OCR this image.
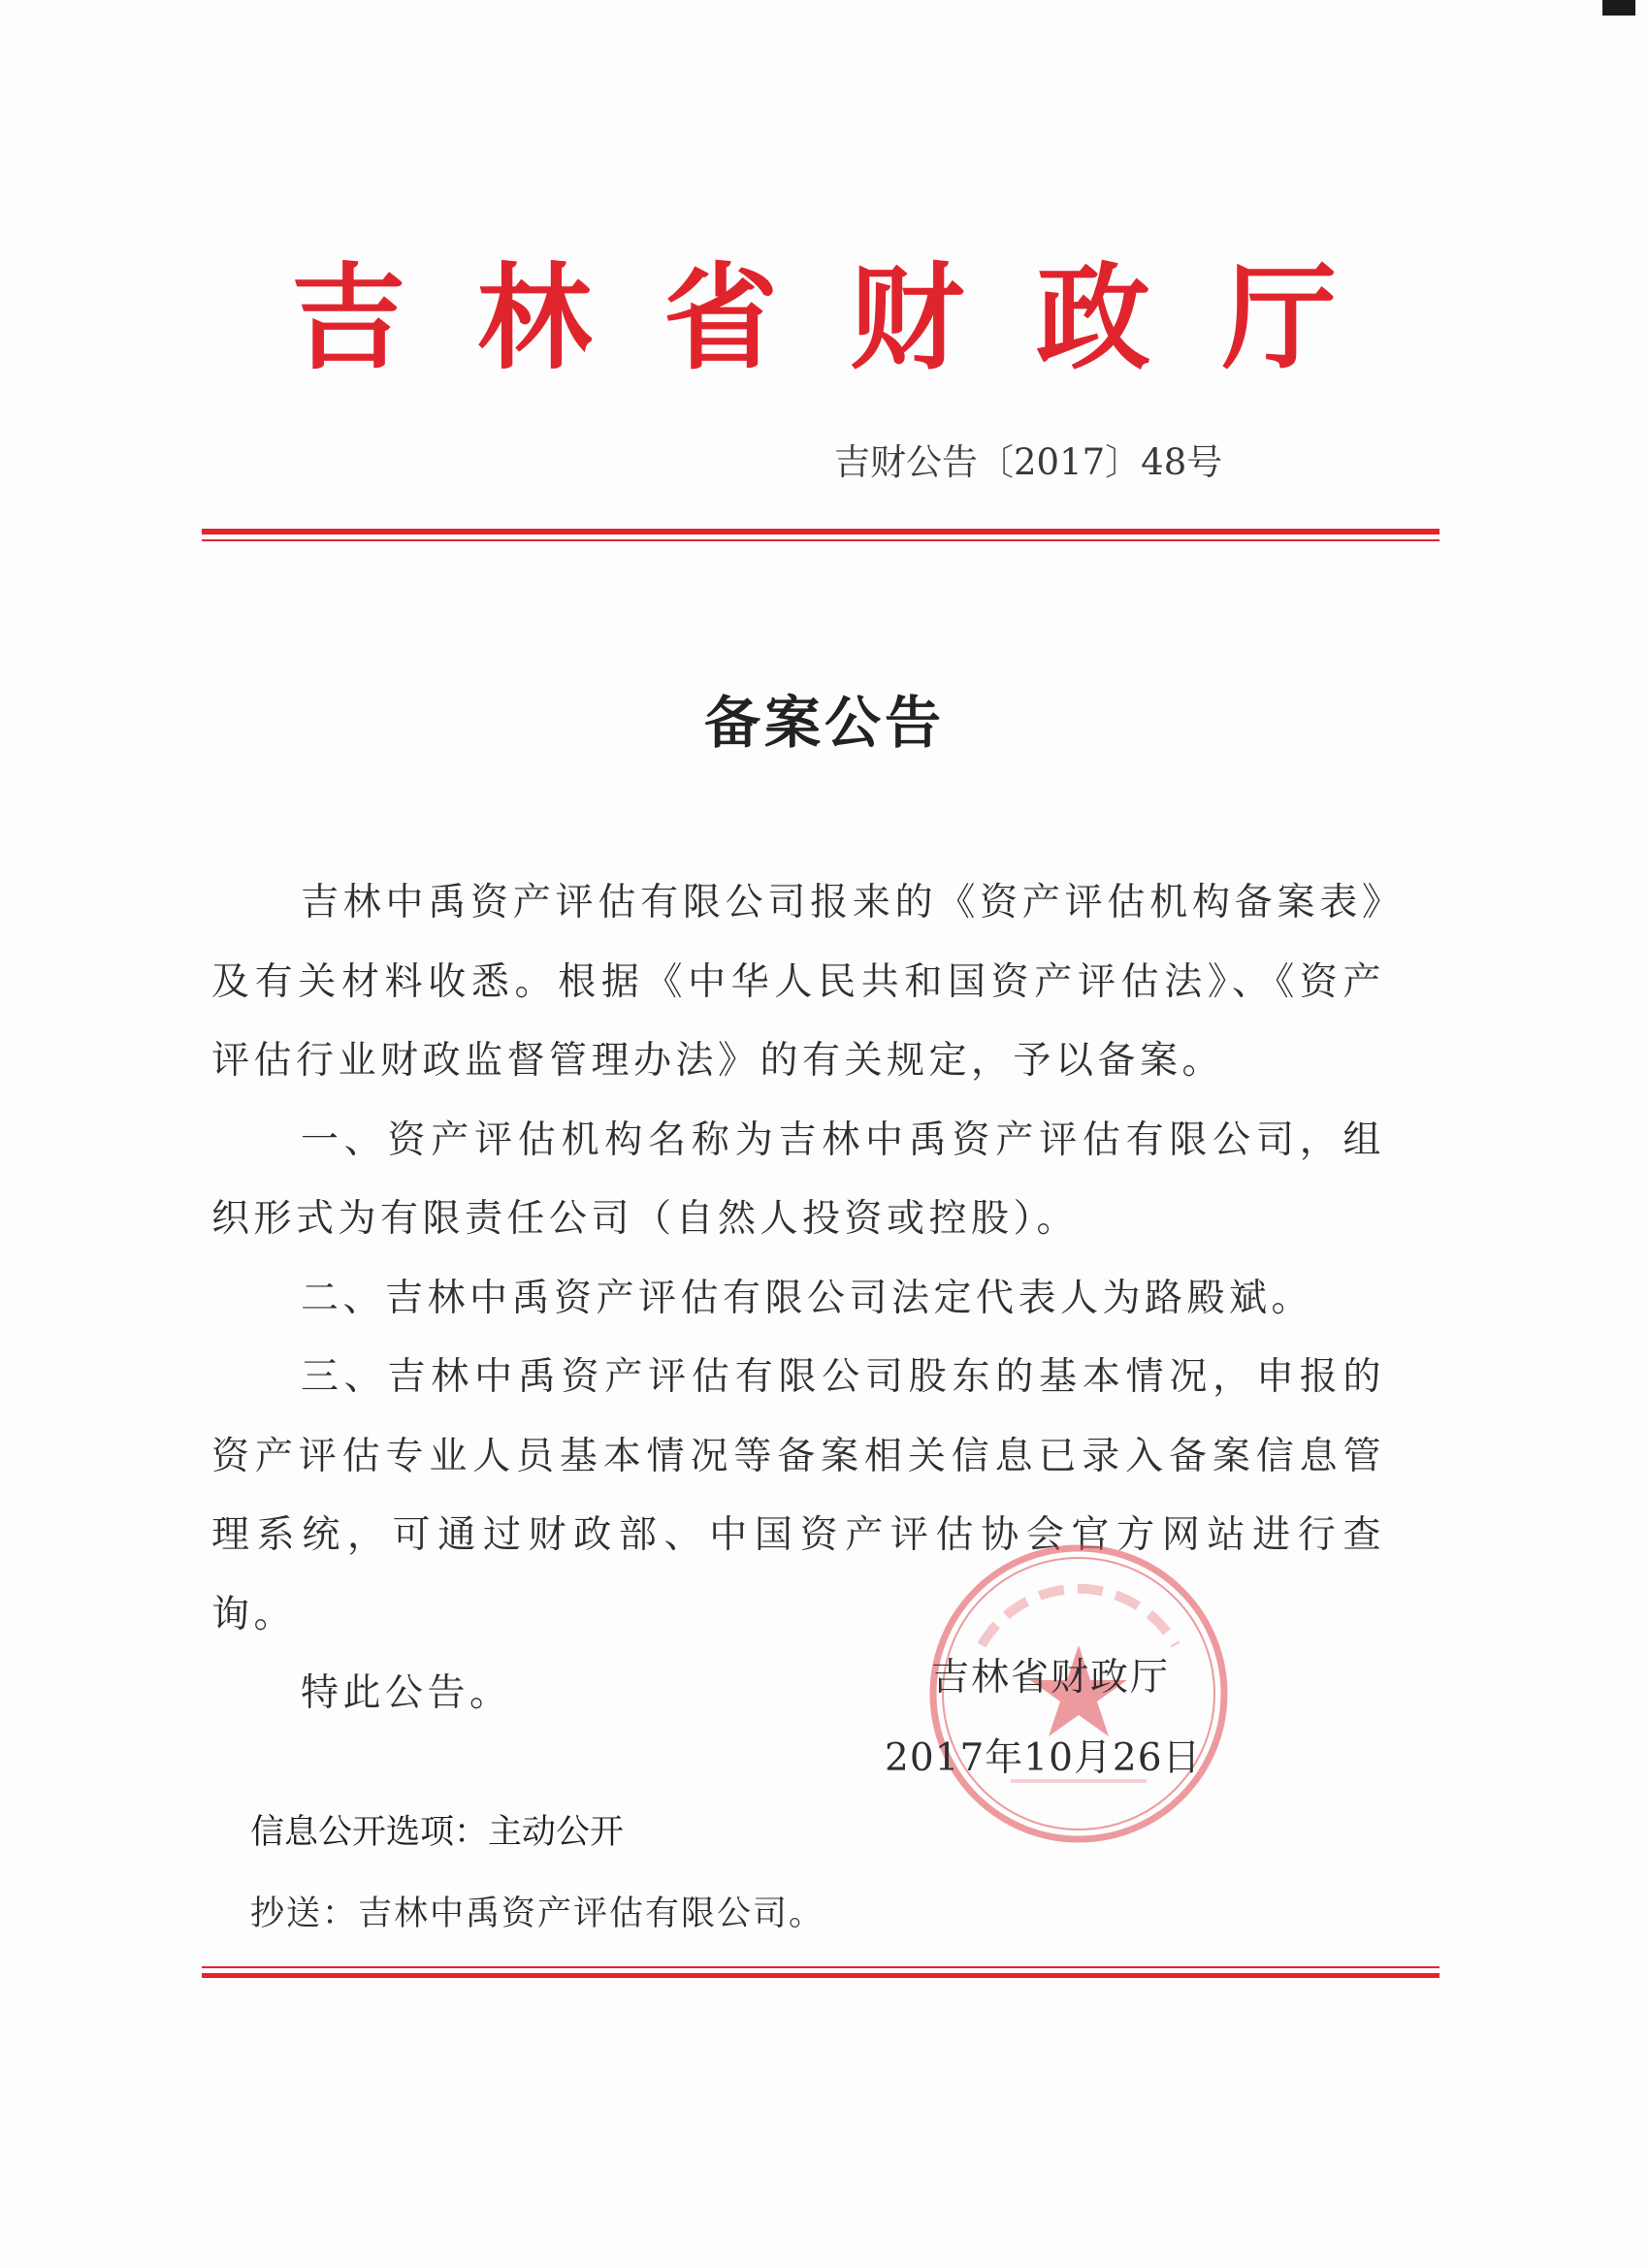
吉林省财政厅
吉财公告〔2017〕48号
备案公告

吉林中禹资产评估有限公司报来的《资产评估机构备案表》及有关材料收悉。根据《中华人民共和国资产评估法》、《资产评估行业财政监督管理办法》的有关规定，予以备案。

一、资产评估机构名称为吉林中禹资产评估有限公司，组织形式为有限责任公司（自然人投资或控股）。

二、吉林中禹资产评估有限公司法定代表人为路殿斌。

三、吉林中禹资产评估有限公司股东的基本情况，申报的资产评估专业人员基本情况等备案相关信息已录入备案信息管理系统，可通过财政部、中国资产评估协会官方网站进行查询。

特此公告。	吉林省财政厅
2017年10月26日
信息公开选项：主动公开
抄送：吉林中禹资产评估有限公司。
